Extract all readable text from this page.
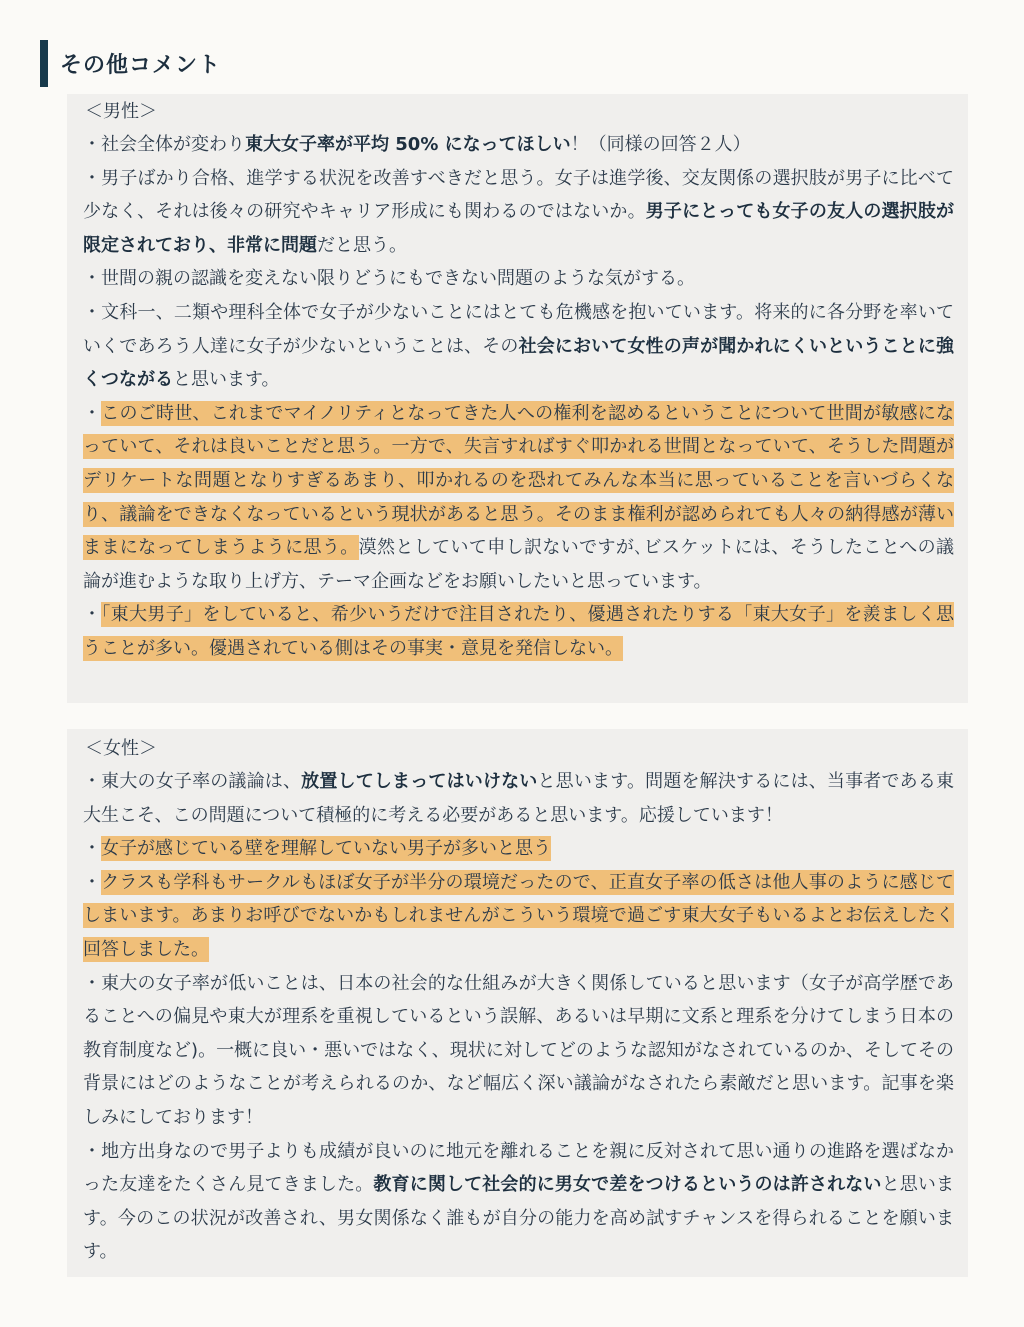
その他コメント

＜男性＞

・社会全体が変わり東大女子率が平均 50% になってほしい！（同様の回答２人）

・男子ばかり合格、進学する状況を改善すべきだと思う。女子は進学後、交友関係の選択肢が男子に比べて少なく、それは後々の研究やキャリア形成にも関わるのではないか。男子にとっても女子の友人の選択肢が限定されており、非常に問題だと思う。

・世間の親の認識を変えない限りどうにもできない問題のような気がする。

・文科一、二類や理科全体で女子が少ないことにはとても危機感を抱いています。将来的に各分野を率いていくであろう人達に女子が少ないということは、その社会において女性の声が聞かれにくいということに強くつながると思います。

・このご時世、これまでマイノリティとなってきた人への権利を認めるということについて世間が敏感になっていて、それは良いことだと思う。一方で、失言すればすぐ叩かれる世間となっていて、そうした問題がデリケートな問題となりすぎるあまり、叩かれるのを恐れてみんな本当に思っていることを言いづらくなり、議論をできなくなっているという現状があると思う。そのまま権利が認められても人々の納得感が薄いままになってしまうように思う。漠然としていて申し訳ないですが､ビスケットには、そうしたことへの議論が進むような取り上げ方、テーマ企画などをお願いしたいと思っています。

・「東大男子」をしていると、希少いうだけで注目されたり、優遇されたりする「東大女子」を羨ましく思うことが多い。優遇されている側はその事実・意見を発信しない。

＜女性＞

・東大の女子率の議論は、放置してしまってはいけないと思います。問題を解決するには、当事者である東大生こそ、この問題について積極的に考える必要があると思います。応援しています！

・女子が感じている壁を理解していない男子が多いと思う

・クラスも学科もサークルもほぼ女子が半分の環境だったので、正直女子率の低さは他人事のように感じてしまいます。あまりお呼びでないかもしれませんがこういう環境で過ごす東大女子もいるよとお伝えしたく回答しました。

・東大の女子率が低いことは、日本の社会的な仕組みが大きく関係していると思います（女子が高学歴であることへの偏見や東大が理系を重視しているという誤解、あるいは早期に文系と理系を分けてしまう日本の教育制度など)。一概に良い・悪いではなく、現状に対してどのような認知がなされているのか、そしてその背景にはどのようなことが考えられるのか、など幅広く深い議論がなされたら素敵だと思います。記事を楽しみにしております！

・地方出身なので男子よりも成績が良いのに地元を離れることを親に反対されて思い通りの進路を選ばなかった友達をたくさん見てきました。教育に関して社会的に男女で差をつけるというのは許されないと思います。今のこの状況が改善され、男女関係なく誰もが自分の能力を高め試すチャンスを得られることを願います。
